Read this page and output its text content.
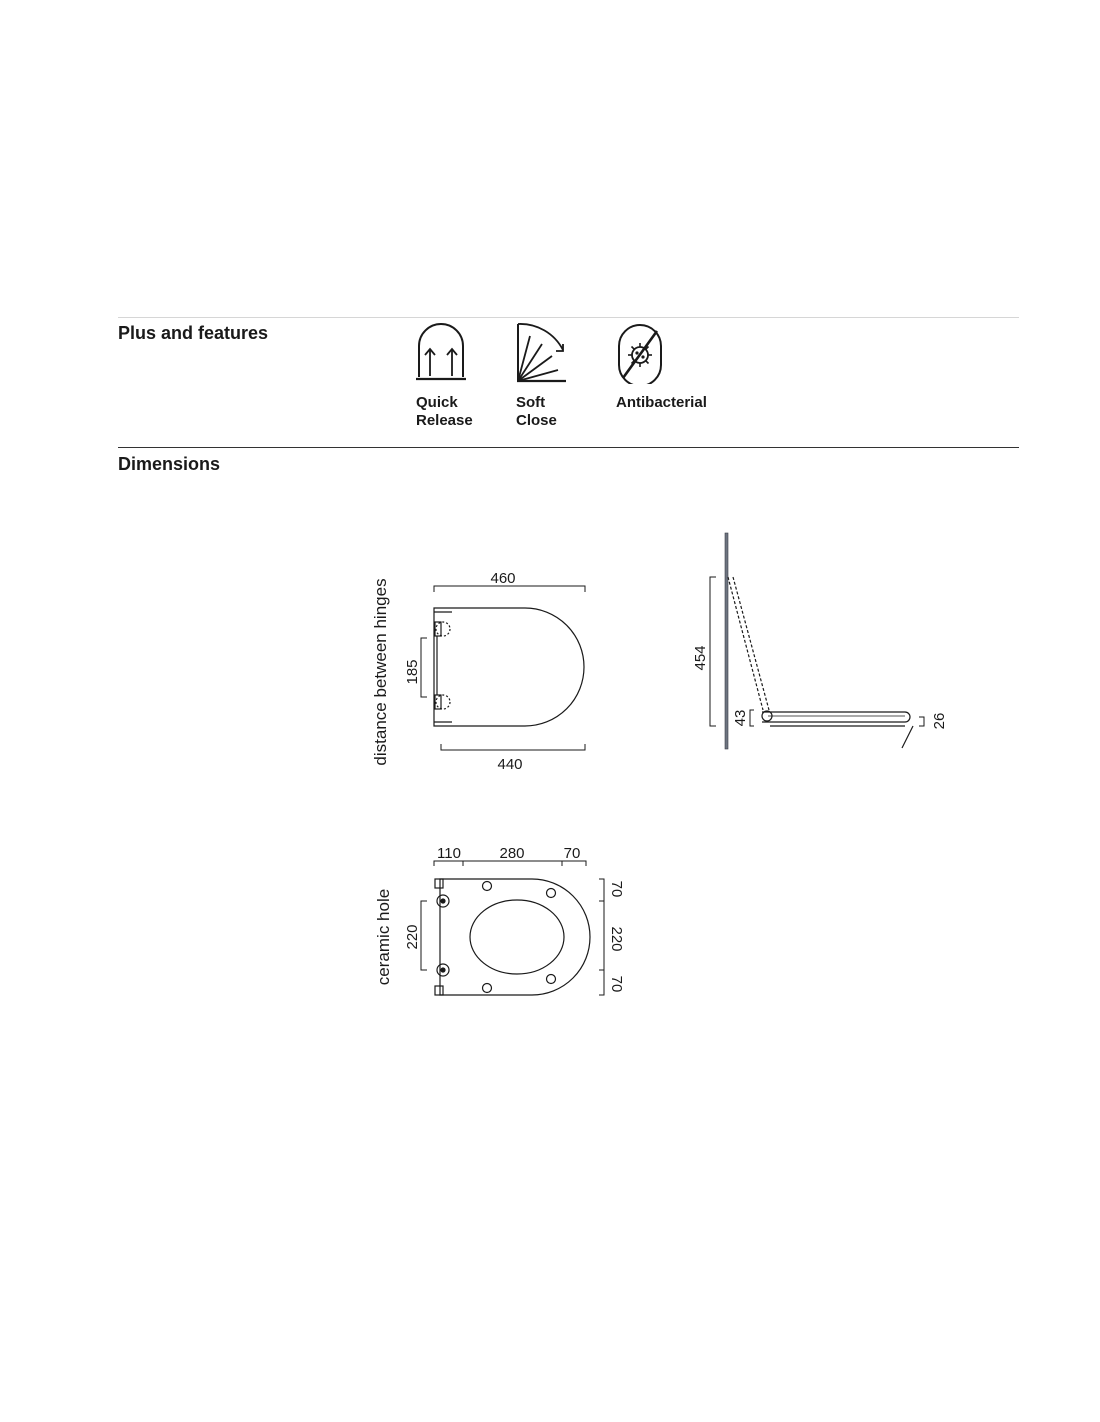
Plus and features
Quick
Release
Soft
Close
Antibacterial
Dimensions
460
440
185
distance between hinges	454
43	26
110	280	70
220
ceramic hole	70
220
70
